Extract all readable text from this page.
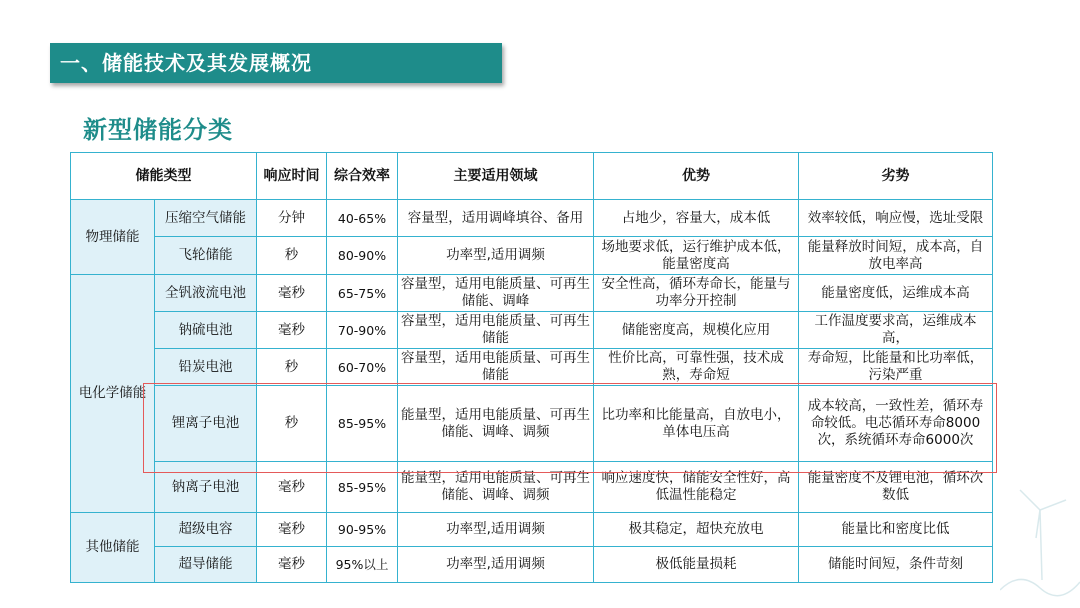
一、储能技术及其发展概况
新型储能分类
储能类型		响应时间	综合效率	主要适用领域	优势	劣势
物理储能	压缩空气储能	分钟	40-65%	容量型，适用调峰填谷、备用	占地少，容量大，成本低	效率较低，响应慢，选址受限
	飞轮储能	秒	80-90%	功率型,适用调频	场地要求低，运行维护成本低，能量密度高	能量释放时间短，成本高，自放电率高
电化学储能	全钒液流电池	毫秒	65-75%	容量型，适用电能质量、可再生储能、调峰	安全性高，循环寿命长，能量与功率分开控制	能量密度低，运维成本高
	钠硫电池	毫秒	70-90%	容量型，适用电能质量、可再生储能	储能密度高，规模化应用	工作温度要求高，运维成本高，
	铅炭电池	秒	60-70%	容量型，适用电能质量、可再生储能	性价比高，可靠性强，技术成熟，寿命短	寿命短，比能量和比功率低，污染严重
	锂离子电池	秒	85-95%	能量型，适用电能质量、可再生储能、调峰、调频	比功率和比能量高，自放电小，单体电压高	成本较高，一致性差，循环寿命较低。电芯循环寿命8000次，系统循环寿命6000次
	钠离子电池	毫秒	85-95%	能量型，适用电能质量、可再生储能、调峰、调频	响应速度快，储能安全性好，高低温性能稳定	能量密度不及锂电池，循环次数低
其他储能	超级电容	毫秒	90-95%	功率型,适用调频	极其稳定，超快充放电	能量比和密度比低
	超导储能	毫秒	95%以上	功率型,适用调频	极低能量损耗	储能时间短，条件苛刻
